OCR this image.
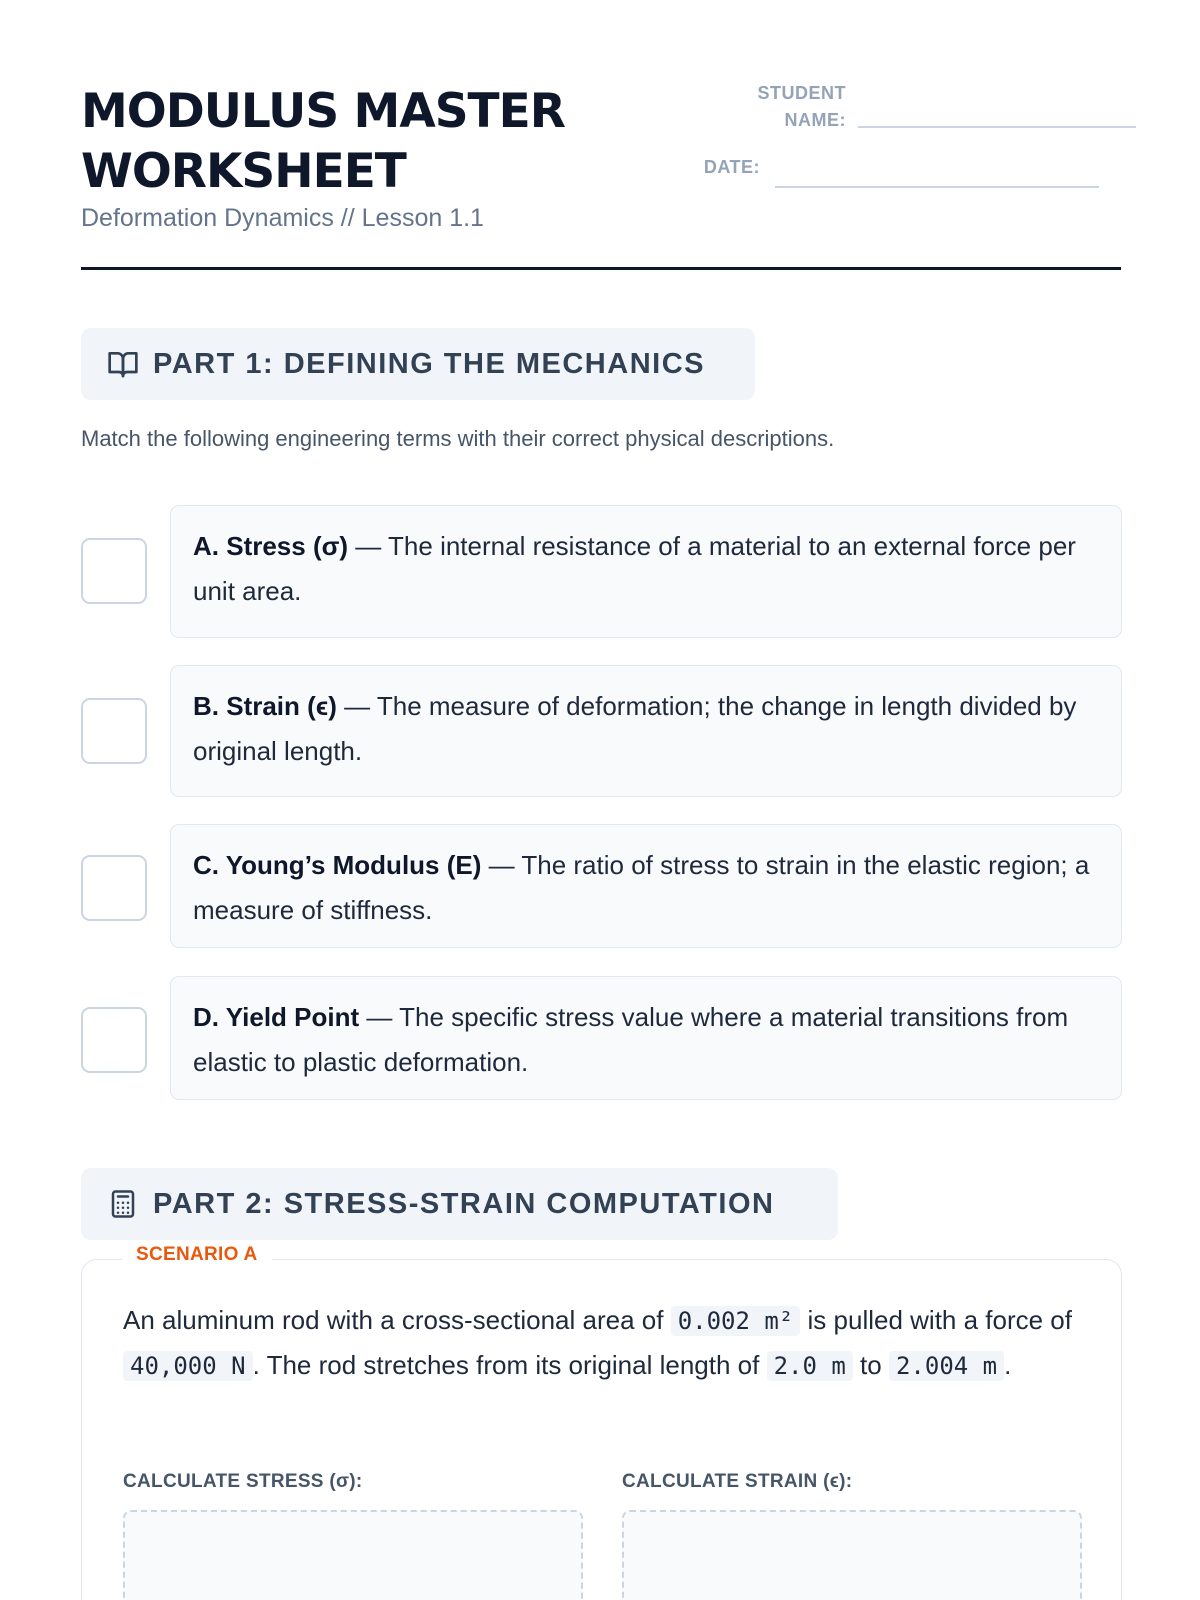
MODULUS MASTER WORKSHEET
Deformation Dynamics // Lesson 1.1
STUDENT
NAME:
DATE:
PART 1: DEFINING THE MECHANICS
Match the following engineering terms with their correct physical descriptions.
A. Stress (σ) — The internal resistance of a material to an external force per unit area.
B. Strain (ϵ) — The measure of deformation; the change in length divided by original length.
C. Young’s Modulus (E) — The ratio of stress to strain in the elastic region; a measure of stiffness.
D. Yield Point — The specific stress value where a material transitions from elastic to plastic deformation.
PART 2: STRESS-STRAIN COMPUTATION
SCENARIO A
An aluminum rod with a cross-sectional area of 0.002 m² is pulled with a force of 40,000 N . The rod stretches from its original length of 2.0 m to 2.004 m .
CALCULATE STRESS (σ):	CALCULATE STRAIN (ϵ):
